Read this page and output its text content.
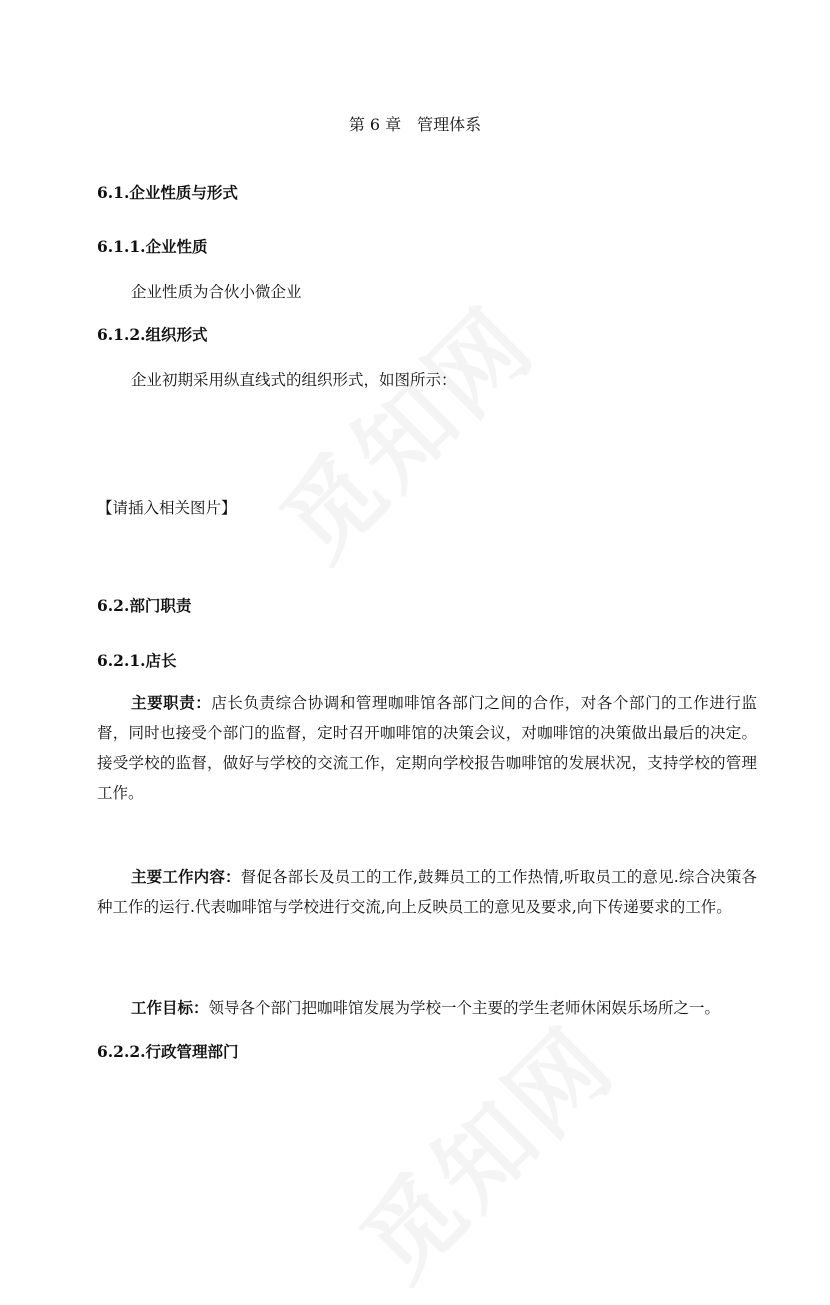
第 6 章　管理体系
6.1.企业性质与形式
6.1.1.企业性质
企业性质为合伙小微企业
6.1.2.组织形式
企业初期采用纵直线式的组织形式，如图所示：
【请插入相关图片】
6.2.部门职责
6.2.1.店长

主要职责：店长负责综合协调和管理咖啡馆各部门之间的合作，对各个部门的工作进行监督，同时也接受个部门的监督，定时召开咖啡馆的决策会议，对咖啡馆的决策做出最后的决定。接受学校的监督，做好与学校的交流工作，定期向学校报告咖啡馆的发展状况，支持学校的管理工作。

主要工作内容：督促各部长及员工的工作,鼓舞员工的工作热情,听取员工的意见.综合决策各种工作的运行.代表咖啡馆与学校进行交流,向上反映员工的意见及要求,向下传递要求的工作。

工作目标：领导各个部门把咖啡馆发展为学校一个主要的学生老师休闲娱乐场所之一。

6.2.2.行政管理部门
